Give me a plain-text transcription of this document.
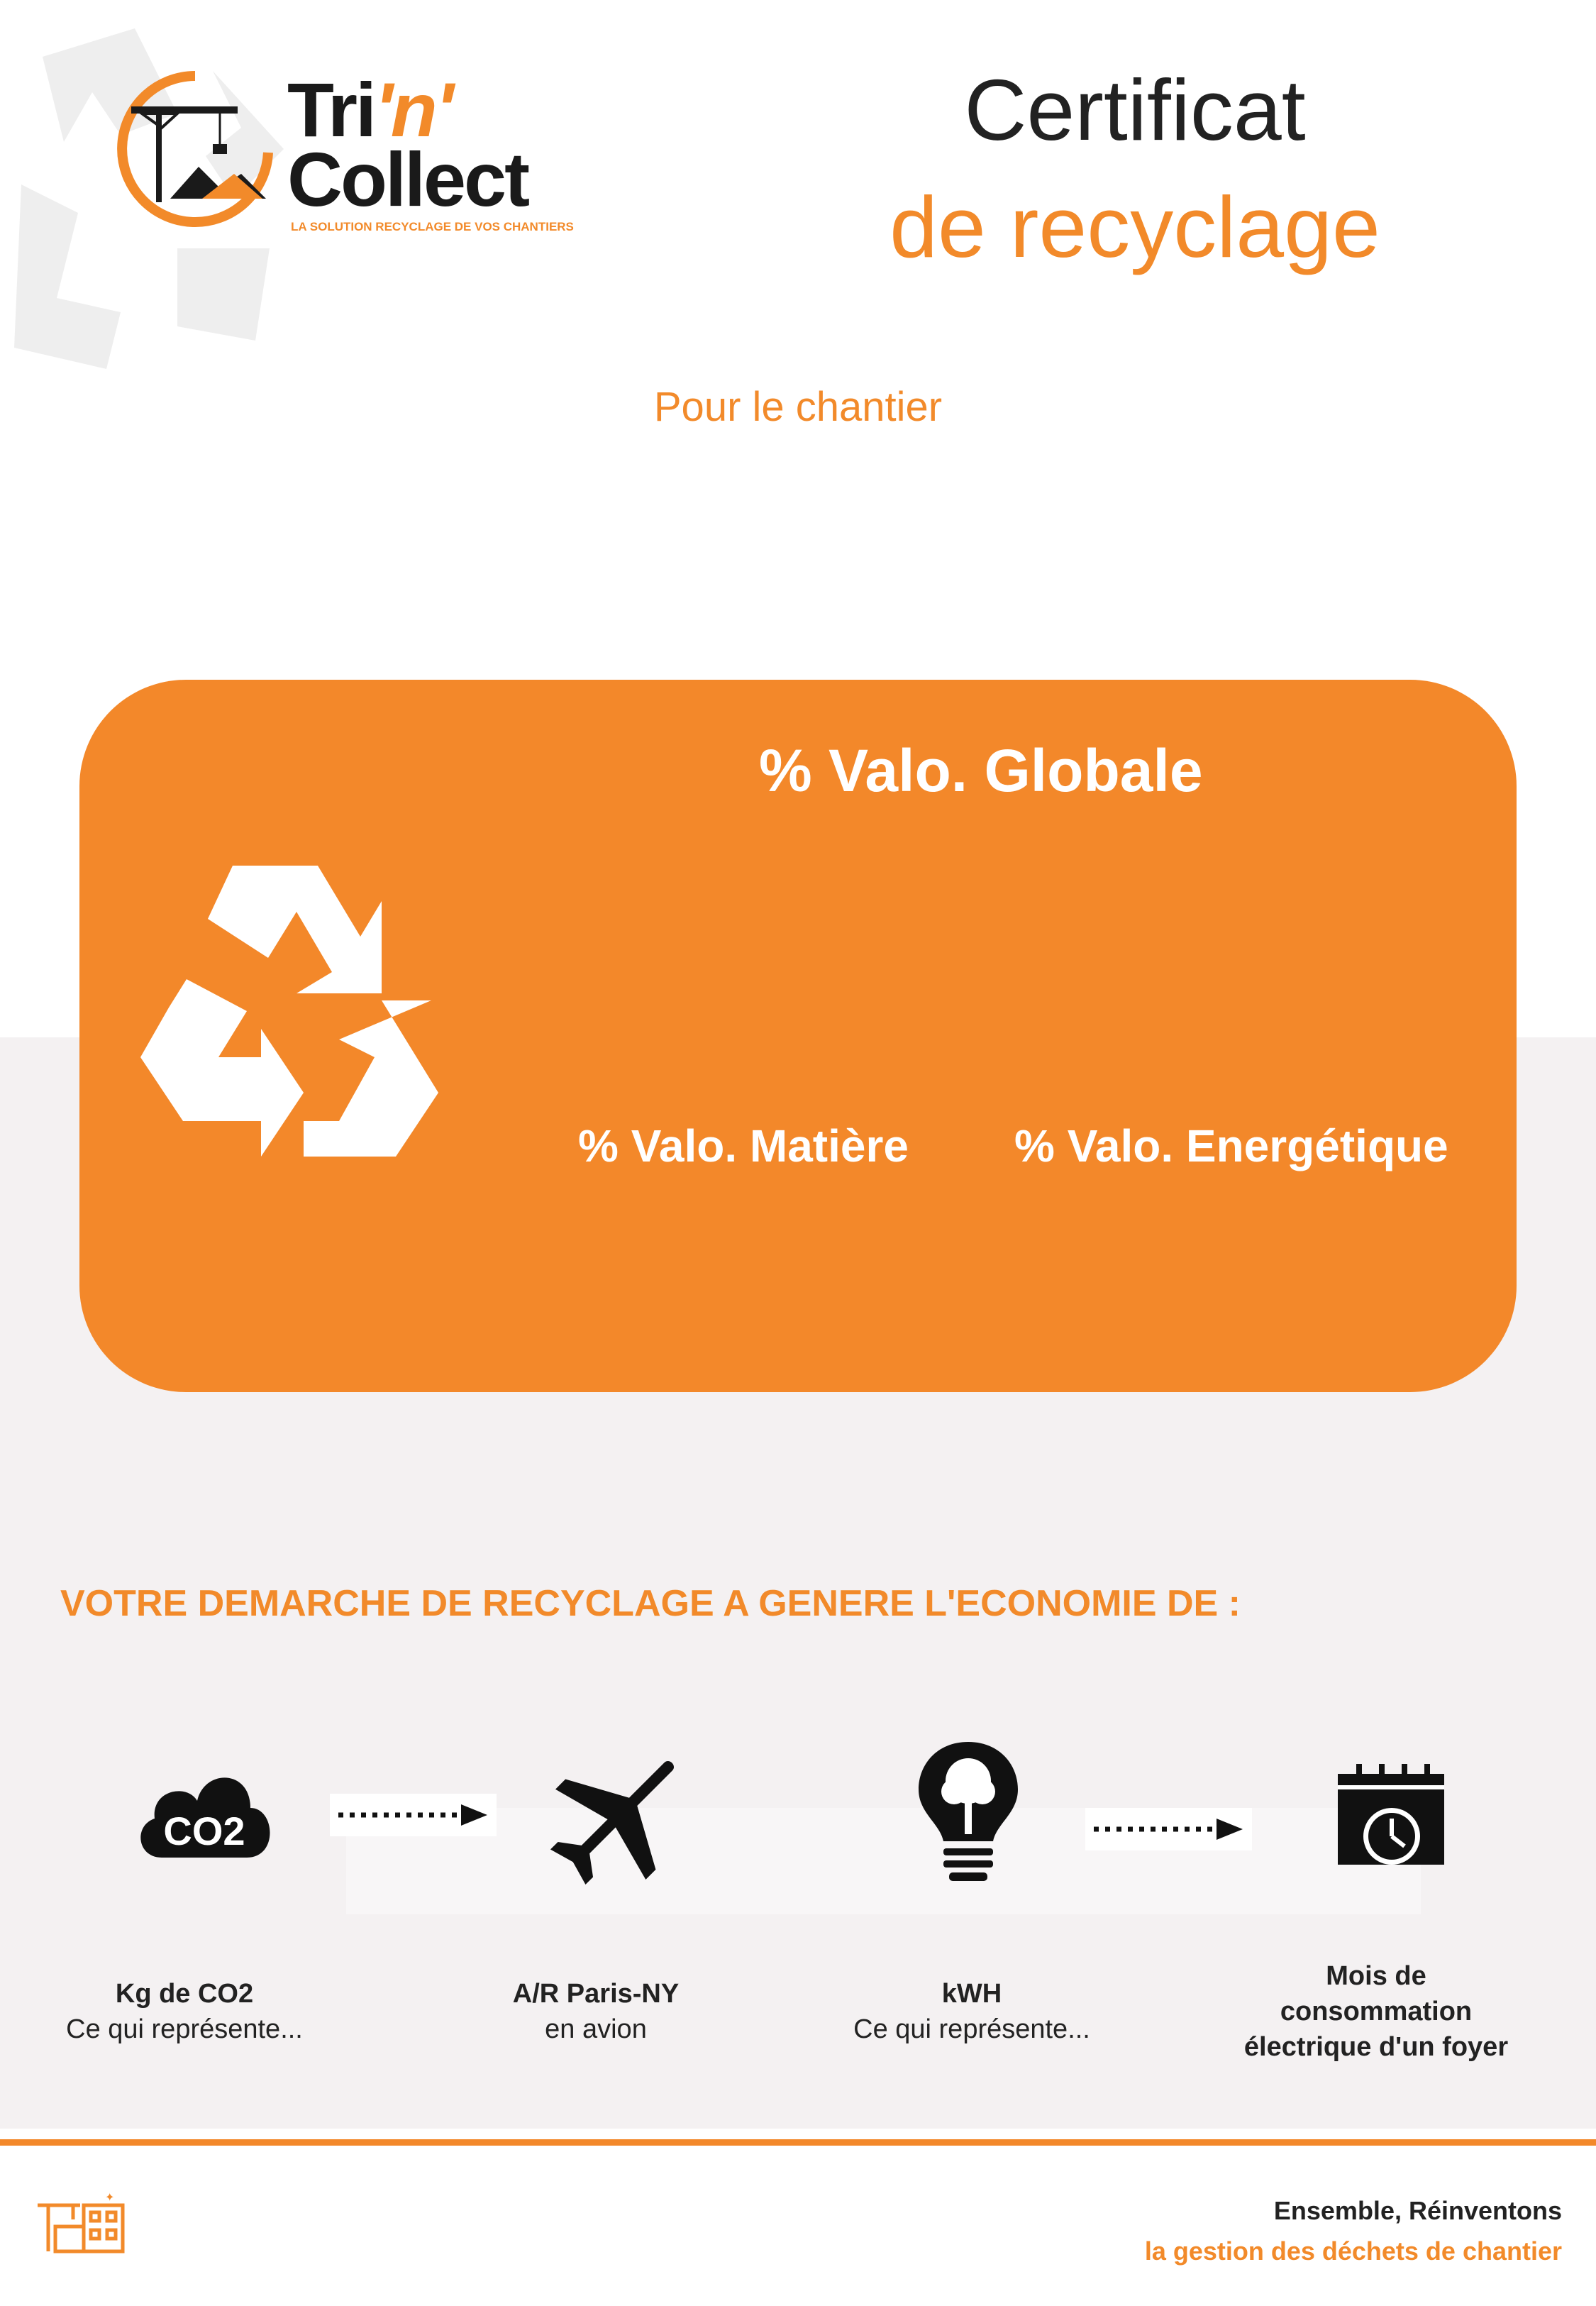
Tri'n'
Collect
LA SOLUTION RECYCLAGE DE VOS CHANTIERS
Certificat
de recyclage
Pour le chantier
% Valo. Globale
% Valo. Matière % Valo. Energétique
VOTRE DEMARCHE DE RECYCLAGE A GENERE L'ECONOMIE DE :
CO2
Kg de CO2
Ce qui représente...
A/R Paris-NY
en avion
kWH
Ce qui représente...
Mois de consommation électrique d'un foyer
✦	Ensemble, Réinventons
la gestion des déchets de chantier
